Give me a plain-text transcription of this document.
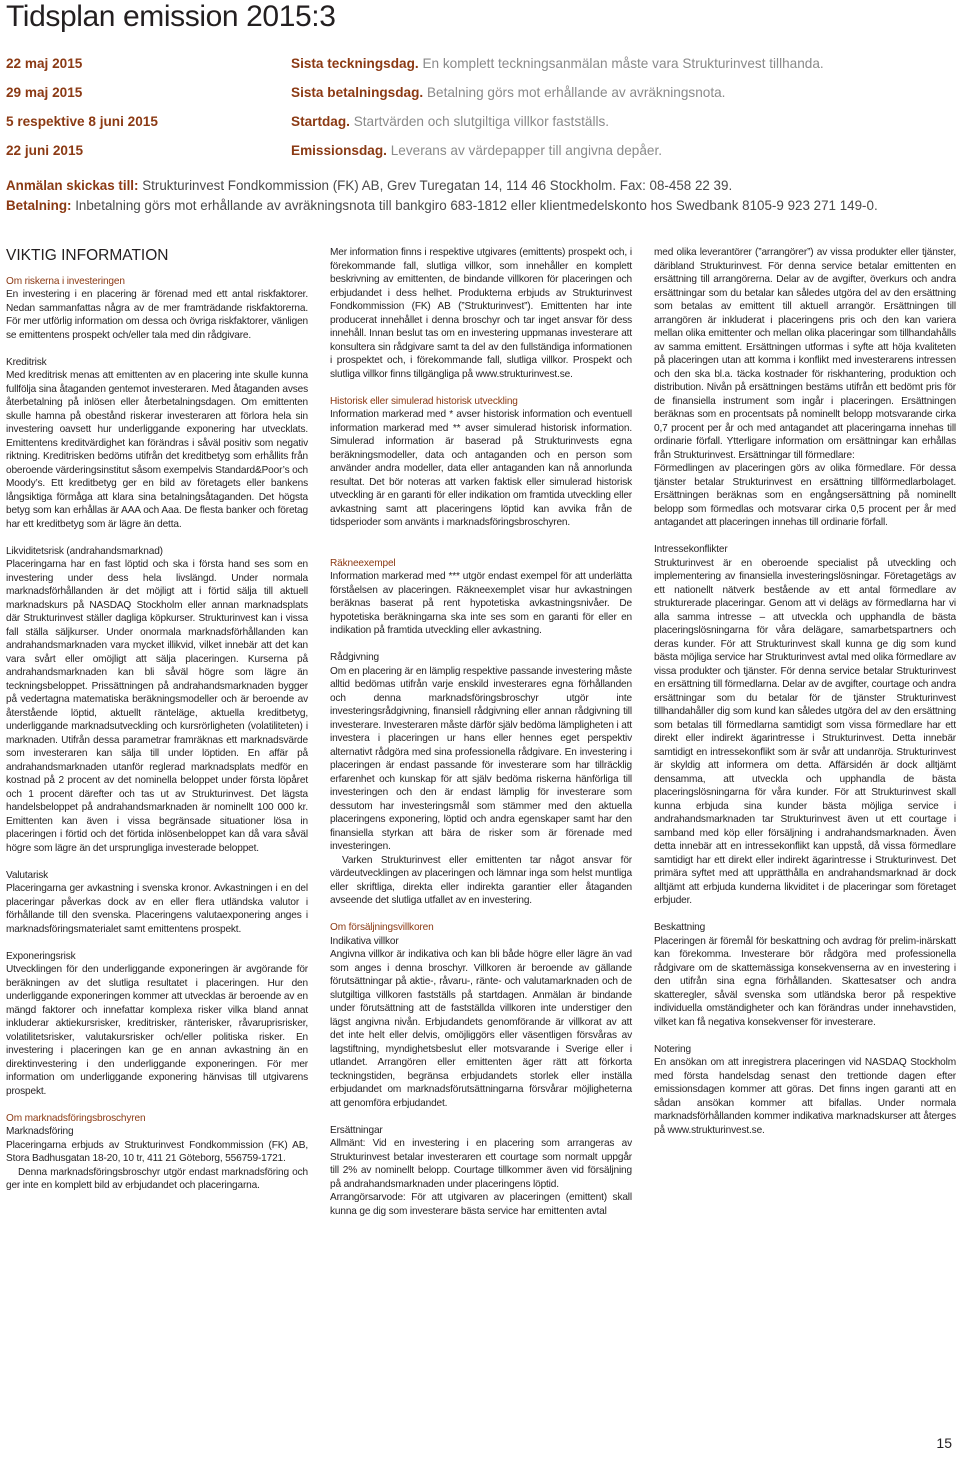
Tidsplan emission 2015:3
22 maj 2015	Sista teckningsdag. En komplett teckningsanmälan måste vara Strukturinvest tillhanda.
29 maj 2015	Sista betalningsdag. Betalning görs mot erhållande av avräkningsnota.
5 respektive 8 juni 2015	Startdag. Startvärden och slutgiltiga villkor fastställs.
22 juni 2015	Emissionsdag. Leverans av värdepapper till angivna depåer.
Anmälan skickas till: Strukturinvest Fondkommission (FK) AB, Grev Turegatan 14, 114 46 Stockholm. Fax: 08-458 22 39.
Betalning: Inbetalning görs mot erhållande av avräkningsnota till bankgiro 683-1812 eller klientmedelskonto hos Swedbank 8105-9 923 271 149-0.
VIKTIG INFORMATION

Om riskerna i investeringen

En investering i en placering är förenad med ett antal riskfaktorer. Nedan sammanfattas några av de mer framträdande riskfaktorerna. För mer utförlig information om dessa och övriga riskfaktorer, vänligen se emittentens prospekt och/eller tala med din rådgivare.

Kreditrisk

Med kreditrisk menas att emittenten av en placering inte skulle kunna fullfölja sina åtaganden gentemot investeraren. Med åtaganden avses återbetalning på inlösen eller återbetalningsdagen. Om emittenten skulle hamna på obestånd riskerar investeraren att förlora hela sin investering oavsett hur underliggande exponering har utvecklats. Emittentens kreditvärdighet kan förändras i såväl positiv som negativ riktning. Kreditrisken bedöms utifrån det kreditbetyg som erhållits från oberoende värderingsinstitut såsom exempelvis Standard&Poor’s och Moody’s. Ett kreditbetyg ger en bild av företagets eller bankens långsiktiga förmåga att klara sina betalningsåtaganden. Det högsta betyg som kan erhållas är AAA och Aaa. De flesta banker och företag har ett kreditbetyg som är lägre än detta.

Likviditetsrisk (andrahandsmarknad)

Placeringarna har en fast löptid och ska i första hand ses som en investering under dess hela livslängd. Under normala marknadsförhållanden är det möjligt att i förtid sälja till aktuell marknadskurs på NASDAQ Stockholm eller annan marknadsplats där Strukturinvest ställer dagliga köpkurser. Strukturinvest kan i vissa fall ställa säljkurser. Under onormala marknadsförhållanden kan andrahandsmarknaden vara mycket illikvid, vilket innebär att det kan vara svårt eller omöjligt att sälja placeringen. Kurserna på andrahandsmarknaden kan bli såväl högre som lägre än teckningsbeloppet. Prissättningen på andrahandsmarknaden bygger på vedertagna matematiska beräkningsmodeller och är beroende av återstående löptid, aktuellt ränteläge, aktuella kreditbetyg, underliggande marknadsutveckling och kursrörligheten (volatiliteten) i marknaden. Utifrån dessa parametrar framräknas ett marknadsvärde som investeraren kan sälja till under löptiden. En affär på andrahandsmarknaden utanför reglerad marknadsplats medför en kostnad på 2 procent av det nominella beloppet under första löpåret och 1 procent därefter och tas ut av Strukturinvest. Det lägsta handelsbeloppet på andrahandsmarknaden är nominellt 100 000 kr. Emittenten kan även i vissa begränsade situationer lösa in placeringen i förtid och det förtida inlösenbeloppet kan då vara såväl högre som lägre än det ursprungliga investerade beloppet.

Valutarisk

Placeringarna ger avkastning i svenska kronor. Avkastningen i en del placeringar påverkas dock av en eller flera utländska valutor i förhållande till den svenska. Placeringens valutaexponering anges i marknadsföringsmaterialet samt emittentens prospekt.

Exponeringsrisk

Utvecklingen för den underliggande exponeringen är avgörande för beräkningen av det slutliga resultatet i placeringen. Hur den underliggande exponeringen kommer att utvecklas är beroende av en mängd faktorer och innefattar komplexa risker vilka bland annat inkluderar aktiekursrisker, kreditrisker, ränterisker, råvaruprisrisker, volatilitetsrisker, valutakursrisker och/eller politiska risker. En investering i placeringen kan ge en annan avkastning än en direktinvestering i den underliggande exponeringen. För mer information om underliggande exponering hänvisas till utgivarens prospekt.

Om marknadsföringsbroschyren

Marknadsföring

Placeringarna erbjuds av Strukturinvest Fondkommission (FK) AB, Stora Badhusgatan 18-20, 10 tr, 411 21 Göteborg, 556759-1721.

Denna marknadsföringsbroschyr utgör endast marknadsföring och ger inte en komplett bild av erbjudandet och placeringarna.

Mer information finns i respektive utgivares (emittents) prospekt och, i förekommande fall, slutliga villkor, som innehåller en komplett beskrivning av emittenten, de bindande villkoren för placeringen och erbjudandet i dess helhet. Produkterna erbjuds av Strukturinvest Fondkommission (FK) AB (”Strukturinvest”). Emittenten har inte producerat innehållet i denna broschyr och tar inget ansvar för dess innehåll. Innan beslut tas om en investering uppmanas investerare att konsultera sin rådgivare samt ta del av den fullständiga informationen i prospektet och, i förekommande fall, slutliga villkor. Prospekt och slutliga villkor finns tillgängliga på www.strukturinvest.se.

Historisk eller simulerad historisk utveckling

Information markerad med * avser historisk information och eventuell information markerad med ** avser simulerad historisk information. Simulerad information är baserad på Strukturinvests egna beräkningsmodeller, data och antaganden och en person som använder andra modeller, data eller antaganden kan nå annorlunda resultat. Det bör noteras att varken faktisk eller simulerad historisk utveckling är en garanti för eller indikation om framtida utveckling eller avkastning samt att placeringens löptid kan avvika från de tidsperioder som använts i marknadsföringsbroschyren.

Räkneexempel

Information markerad med *** utgör endast exempel för att underlätta förståelsen av placeringen. Räkneexemplet visar hur avkastningen beräknas baserat på rent hypotetiska avkastningsnivåer. De hypotetiska beräkningarna ska inte ses som en garanti för eller en indikation på framtida utveckling eller avkastning.

Rådgivning

Om en placering är en lämplig respektive passande investering måste alltid bedömas utifrån varje enskild investerares egna förhållanden och denna marknadsföringsbroschyr utgör inte investeringsrådgivning, finansiell rådgivning eller annan rådgivning till investerare. Investeraren måste därför själv bedöma lämpligheten i att investera i placeringen ur hans eller hennes eget perspektiv alternativt rådgöra med sina professionella rådgivare. En investering i placeringen är endast passande för investerare som har tillräcklig erfarenhet och kunskap för att själv bedöma riskerna hänförliga till investeringen och den är endast lämplig för investerare som dessutom har investeringsmål som stämmer med den aktuella placeringens exponering, löptid och andra egenskaper samt har den finansiella styrkan att bära de risker som är förenade med investeringen.

Varken Strukturinvest eller emittenten tar något ansvar för värdeutvecklingen av placeringen och lämnar inga som helst muntliga eller skriftliga, direkta eller indirekta garantier eller åtaganden avseende det slutliga utfallet av en investering.

Om försäljningsvillkoren

Indikativa villkor

Angivna villkor är indikativa och kan bli både högre eller lägre än vad som anges i denna broschyr. Villkoren är beroende av gällande förutsättningar på aktie-, råvaru-, ränte- och valutamarknaden och de slutgiltiga villkoren fastställs på startdagen. Anmälan är bindande under förutsättning att de fastställda villkoren inte understiger den lägst angivna nivån. Erbjudandets genomförande är villkorat av att det inte helt eller delvis, omöjliggörs eller väsentligen försvåras av lagstiftning, myndighetsbeslut eller motsvarande i Sverige eller i utlandet. Arrangören eller emittenten äger rätt att förkorta teckningstiden, begränsa erbjudandets storlek eller inställa erbjudandet om marknadsförutsättningarna försvårar möjligheterna att genomföra erbjudandet.

Ersättningar

Allmänt: Vid en investering i en placering som arrangeras av Strukturinvest betalar investeraren ett courtage som normalt uppgår till 2% av nominellt belopp. Courtage tillkommer även vid försäljning på andrahandsmarknaden under placeringens löptid.

Arrangörsarvode: För att utgivaren av placeringen (emittent) skall kunna ge dig som investerare bästa service har emittenten avtal

med olika leverantörer (”arrangörer”) av vissa produkter eller tjänster, däribland Strukturinvest. För denna service betalar emittenten en ersättning till arrangörerna. Delar av de avgifter, överkurs och andra ersättningar som du betalar kan således utgöra del av den ersättning som betalas av emittent till aktuell arrangör. Ersättningen till arrangören är inkluderat i placeringens pris och den kan variera mellan olika emittenter och mellan olika placeringar som tillhandahålls av samma emittent. Ersättningen utformas i syfte att höja kvaliteten på placeringen utan att komma i konflikt med investerarens intressen och den ska bl.a. täcka kostnader för riskhantering, produktion och distribution. Nivån på ersättningen bestäms utifrån ett bedömt pris för de finansiella instrument som ingår i placeringen. Ersättningen beräknas som en procentsats på nominellt belopp motsvarande cirka 0,7 procent per år och med antagandet att placeringarna innehas till ordinarie förfall. Ytterligare information om ersättningar kan erhållas från Strukturinvest. Ersättningar till förmedlare:

Förmedlingen av placeringen görs av olika förmedlare. För dessa tjänster betalar Strukturinvest en ersättning tillförmedlarbolaget. Ersättningen beräknas som en engångsersättning på nominellt belopp som förmedlas och motsvarar cirka 0,5 procent per år med antagandet att placeringen innehas till ordinarie förfall.

Intressekonflikter

Strukturinvest är en oberoende specialist på utveckling och implementering av finansiella investeringslösningar. Företagetägs av ett nationellt nätverk bestående av ett antal förmedlare av strukturerade placeringar. Genom att vi delägs av förmedlarna har vi alla samma intresse – att utveckla och upphandla de bästa placeringslösningarna för våra delägare, samarbetspartners och deras kunder. För att Strukturinvest skall kunna ge dig som kund bästa möjliga service har Strukturinvest avtal med olika förmedlare av vissa produkter och tjänster. För denna service betalar Strukturinvest en ersättning till förmedlarna. Delar av de avgifter, courtage och andra ersättningar som du betalar för de tjänster Strukturinvest tillhandahåller dig som kund kan således utgöra del av den ersättning som betalas till förmedlarna samtidigt som vissa förmedlare har ett direkt eller indirekt ägarintresse i Strukturinvest. Detta innebär samtidigt en intressekonflikt som är svår att undanröja. Strukturinvest är skyldig att informera om detta. Affärsidén är dock alltjämt densamma, att utveckla och upphandla de bästa placeringslösningarna för våra kunder. För att Strukturinvest skall kunna erbjuda sina kunder bästa möjliga service i andrahandsmarknaden tar Strukturinvest även ut ett courtage i samband med köp eller försäljning i andrahandsmarknaden. Även detta innebär att en intressekonflikt kan uppstå, då vissa förmedlare samtidigt har ett direkt eller indirekt ägarintresse i Strukturinvest. Det primära syftet med att upprätthålla en andrahandsmarknad är dock alltjämt att erbjuda kunderna likviditet i de placeringar som företaget erbjuder.

Beskattning

Placeringen är föremål för beskattning och avdrag för prelim-inärskatt kan förekomma. Investerare bör rådgöra med professionella rådgivare om de skattemässiga konsekvenserna av en investering i den utifrån sina egna förhållanden. Skattesatser och andra skatteregler, såväl svenska som utländska beror på respektive individuella omständigheter och kan förändras under innehavstiden, vilket kan få negativa konsekvenser för investerare.

Notering

En ansökan om att inregistrera placeringen vid NASDAQ Stockholm med första handelsdag senast den trettionde dagen efter emissionsdagen kommer att göras. Det finns ingen garanti att en sådan ansökan kommer att bifallas. Under normala marknadsförhållanden kommer indikativa marknadskurser att återges på www.strukturinvest.se.

15
